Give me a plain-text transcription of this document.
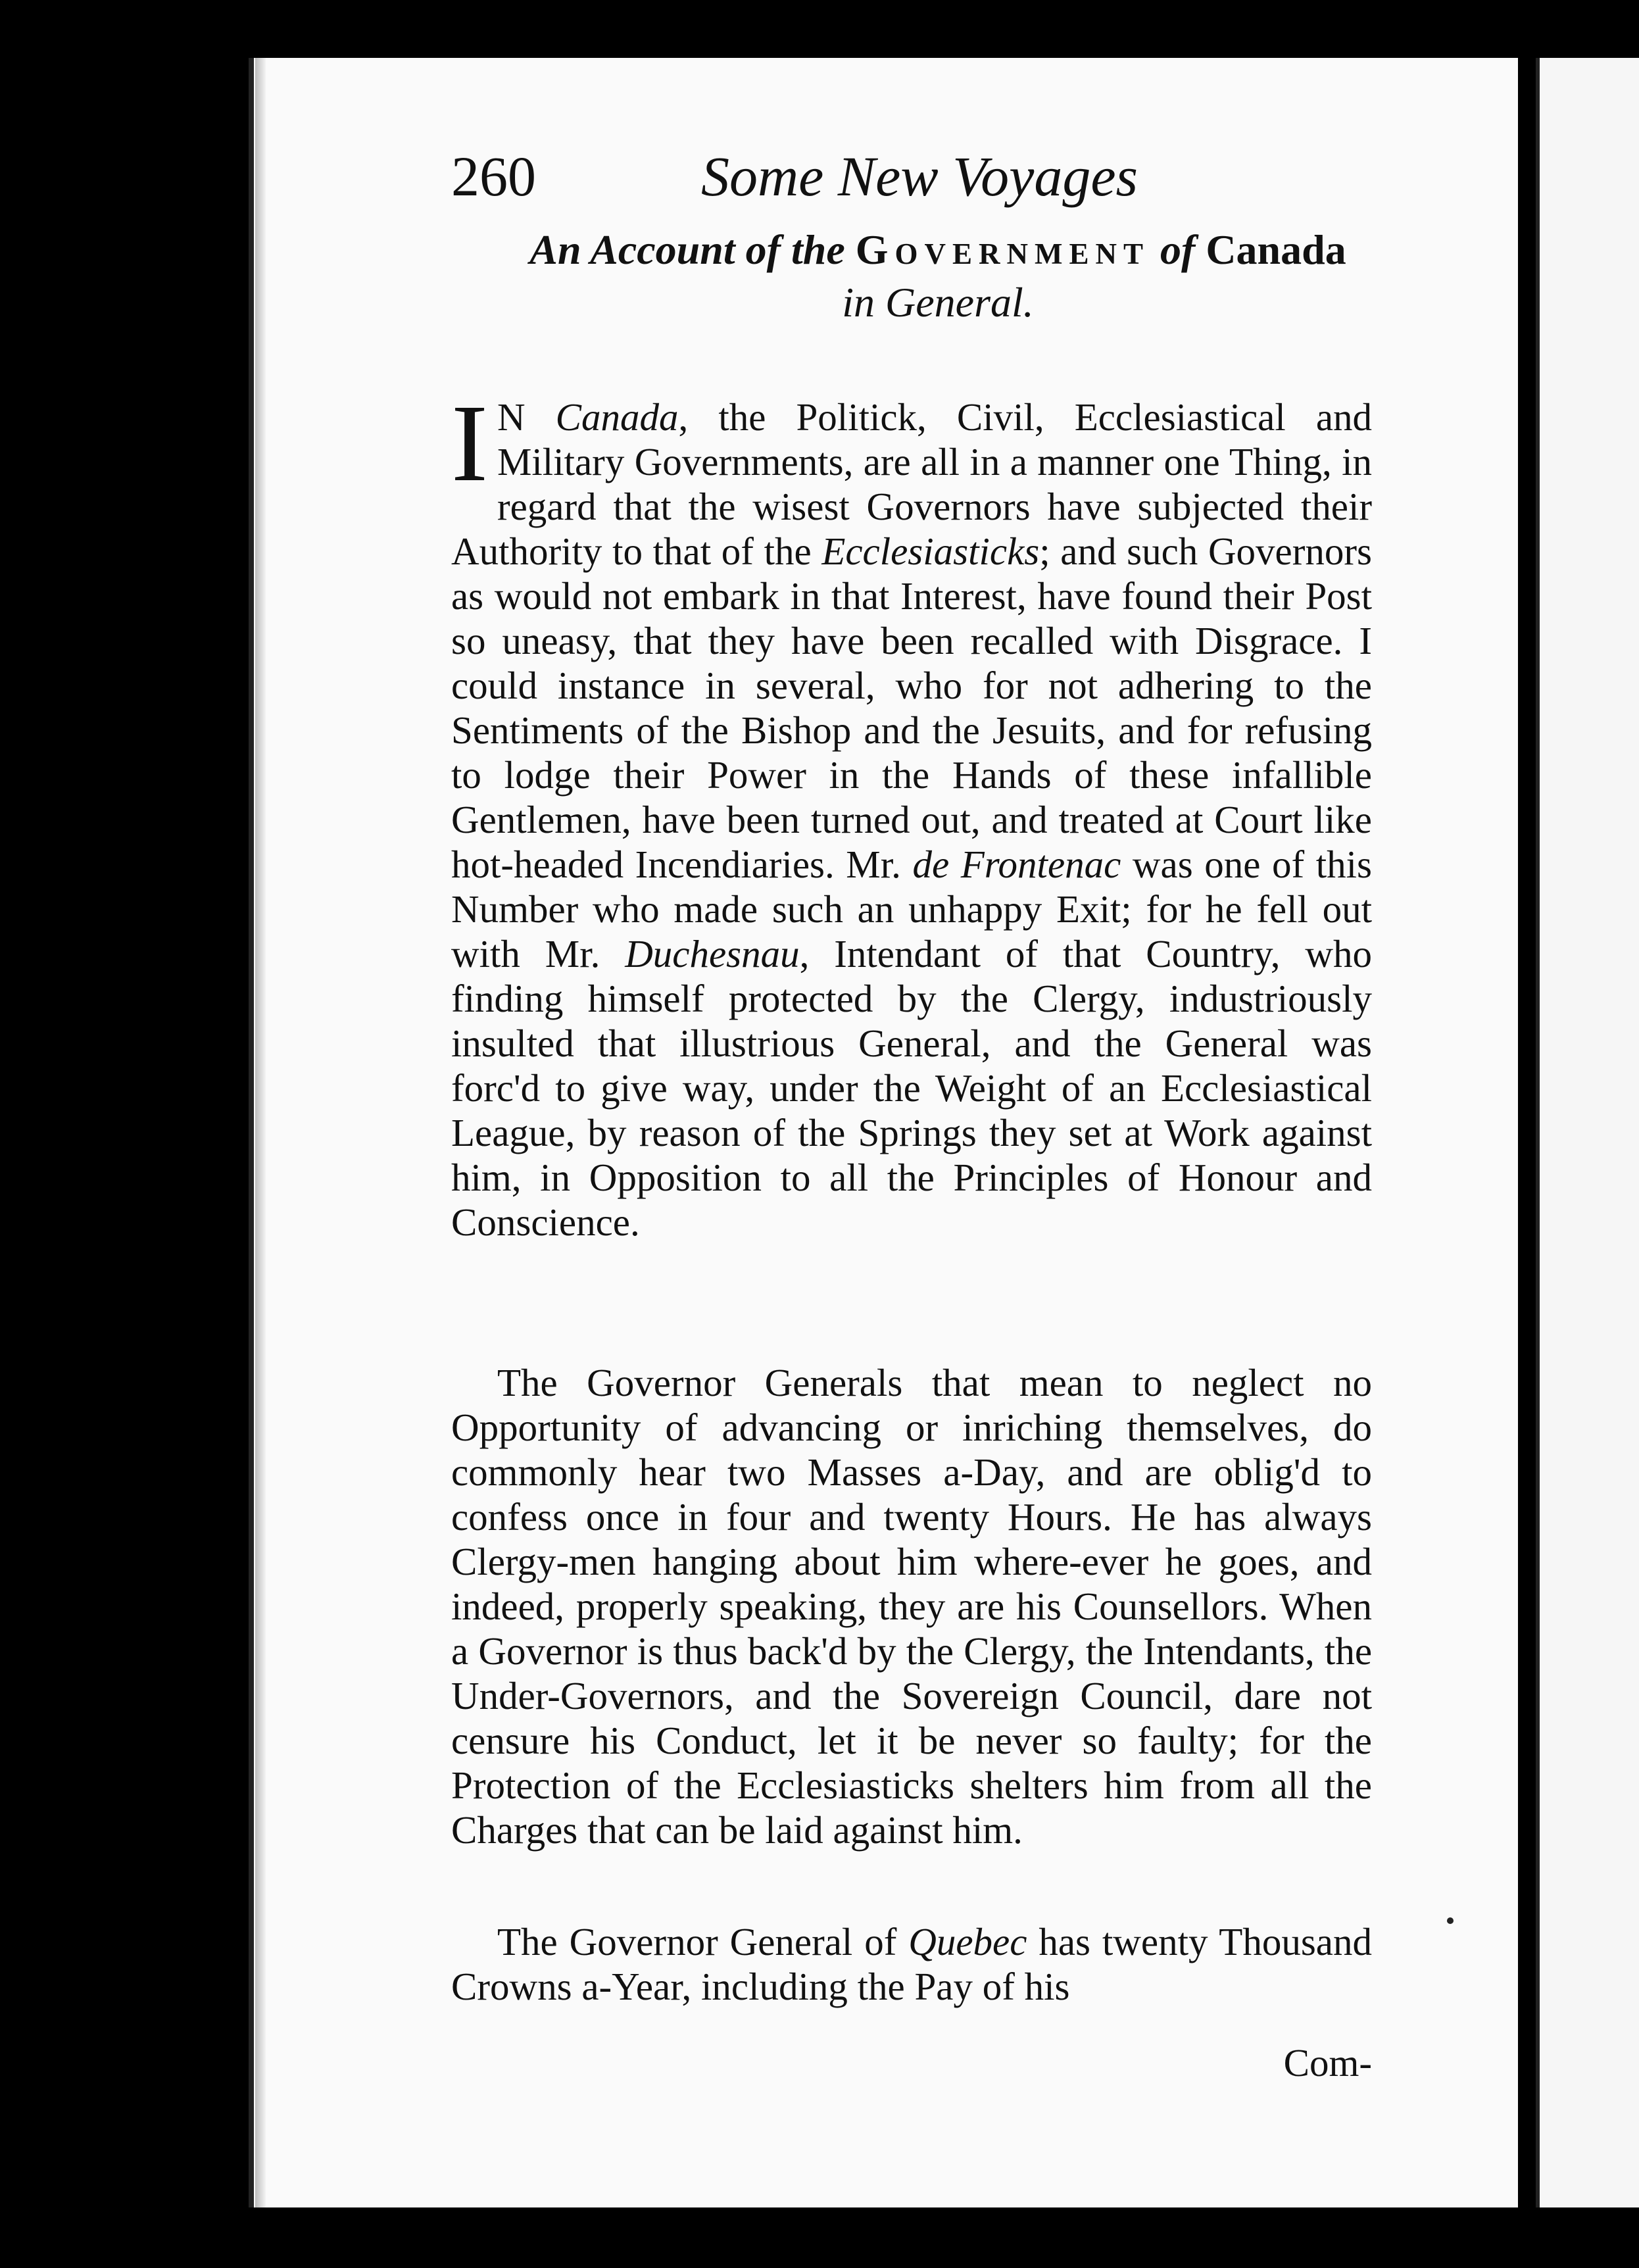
260	Some New Voyages
An Account of the Government of Canada
in General.

I N Canada, the Politick, Civil, Ecclesiastical and Military Governments, are all in a manner one Thing, in regard that the wisest Governors have subjected their Authority to that of the Ecclesiasticks; and such Governors as would not embark in that Interest, have found their Post so uneasy, that they have been recalled with Disgrace. I could instance in several, who for not adhering to the Sentiments of the Bishop and the Jesuits, and for refusing to lodge their Power in the Hands of these infallible Gentlemen, have been turned out, and treated at Court like hot-headed Incendiaries. Mr. de Frontenac was one of this Number who made such an unhappy Exit; for he fell out with Mr. Duchesnau, Intendant of that Country, who finding himself protected by the Clergy, industriously insulted that illustrious General, and the General was forc'd to give way, under the Weight of an Ecclesiastical League, by reason of the Springs they set at Work against him, in Opposition to all the Principles of Honour and Conscience.

The Governor Generals that mean to neglect no Opportunity of advancing or inriching themselves, do commonly hear two Masses a-Day, and are oblig'd to confess once in four and twenty Hours. He has always Clergy-men hanging about him where-ever he goes, and indeed, properly speaking, they are his Counsellors. When a Governor is thus back'd by the Clergy, the Intendants, the Under-Governors, and the Sovereign Council, dare not censure his Conduct, let it be never so faulty; for the Protection of the Ecclesiasticks shelters him from all the Charges that can be laid against him.

The Governor General of Quebec has twenty Thousand Crowns a-Year, including the Pay of his

Com-
